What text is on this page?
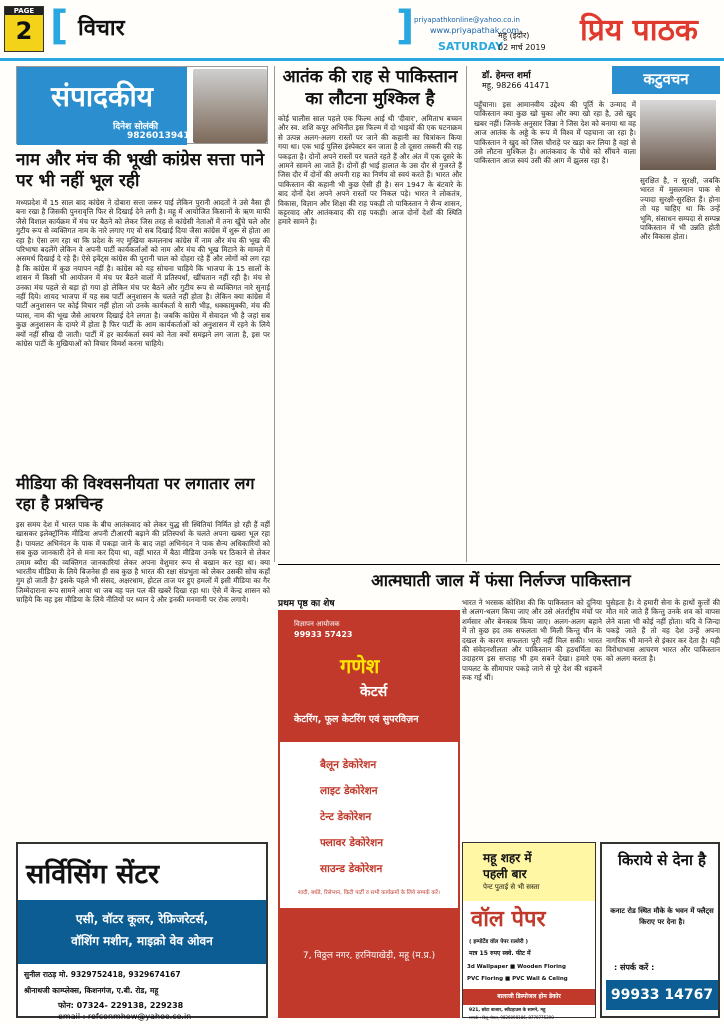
PAGE
2 [ विचार	] priyapathkonline@yahoo.co.in
www.priyapathak.com
SATURDAY
महू (इंदौर)
02 मार्च 2019 प्रिय पाठक
संपादकीय
दिनेश सोलंकी
9826013941
नाम और मंच की भूखी कांग्रेस सत्ता पाने पर भी नहीं भूल रही
मध्यप्रदेश में 15 साल बाद कांग्रेस ने दोबारा सत्ता जरूर पाई लेकिन पुरानी आदतों ने उसे वैसा ही बना रखा है जिसकी पुनरावृत्ति फिर से दिखाई देने लगी है। महू में आयोजित किसानों के ऋण माफी जैसे विशाल कार्यक्रम में मंच पर बैठने को लेकर जिस तरह से कांग्रेसी नेताओं में तना खुँचे चले और गुटीय रूप से व्यक्तिगत नाम के नारे लगाए गए वो सब दिखाई दिया जैसा कांग्रेस में शुरू से होता आ रहा है। ऐसा लग रहा था कि प्रदेश के नए मुखिया कमलनाथ कांग्रेस में नाम और मंच की भूख की परिभाषा बदलेंगे लेकिन वे अपनी पार्टी कार्यकर्ताओं को नाम और मंच की भूख मिटाने के मामले में असमर्थ दिखाई दे रहे हैं। ऐसे इवेंट्स कांग्रेस की पुरानी चाल को दोहरा रहे हैं और लोगों को लग रहा है कि कांग्रेस में कुछ नयापन नहीं है। कांग्रेस को यह सोचना चाहिये कि भाजपा के 15 सालों के शासन में किसी भी आयोजन में मंच पर बैठने वालों में प्रतिस्पर्धा, खींचतान नहीं रही है। मंच से उनका मंच पहले से बड़ा हो गया हो लेकिन मंच पर बैठने और गुटीय रूप से व्यक्तिगत नारे सुनाई नहीं दिये। शायद भाजपा में यह सब पार्टी अनुशासन के चलते नहीं होता है। लेकिन क्या कांग्रेस में पार्टी अनुशासन पर कोई विचार नहीं होता जो उनके कार्यकर्ता ये सारी भीड़, धक्कामुक्की, मंच की प्यास, नाम की भूख जैसे आचरण दिखाई देने लगता है। जबकि कांग्रेस में सेवादल भी है जहां सब कुछ अनुशासन के दायरे में होता है फिर पार्टी के आम कार्यकर्ताओं को अनुशासन में रहने के लिये क्यों नहीं सीख दी जाती। पार्टी में हर कार्यकर्ता स्वयं को नेता क्यों समझने लग जाता है, इस पर कांग्रेस पार्टी के मुखियाओं को विचार विमर्श करना चाहिये।
मीडिया की विश्वसनीयता पर लगातार लग रहा है प्रश्नचिन्ह
इस समय देश में भारत पाक के बीच आतंकवाद को लेकर युद्ध सी स्थितियां निर्मित हो रही हैं वहीं खासकर इलेक्ट्रॉनिक मीडिया अपनी टीआरपी बढ़ाने की प्रतिस्पर्धा के चलते अपना खबरा भूल रहा है। पायलट अभिनंदन के पाक में पकड़ा जाने के बाद जहां अभिनंदन ने पाक सैन्य अधिकारियों को सब कुछ जानकारी देने से मना कर दिया था, वहीं भारत में बैठा मीडिया उनके घर ठिकाने से लेकर तमाम ब्यौरा की व्यक्तिगत जानकारियां लेकर अपना वेशुमार रूप से बखान कर रहा था। क्या भारतीय मीडिया के लिये बिजनेस ही सब कुछ है भारत की रक्षा संप्रभुता को लेकर उसकी सोच कहाँ गुम हो जाती है? इसके पहले भी संसद, अक्षरधाम, होटल ताज पर हुए हमलों में इसी मीडिया का गैर जिम्मेदाराना रूप सामने आया था जब वह पल पल की खबरें दिखा रहा था। ऐसे में केन्द्र शासन को चाहिये कि वह इस मीडिया के लिये नीतियों पर ध्यान दे और इनकी मनमानी पर रोक लगाये।
सर्विसिंग सेंटर
एसी, वॉटर कूलर, रेफ्रिजरेटर्स,
वॉशिंग मशीन, माइक्रो वेव ओवन
सुनील राठड़ मो. 9329752418, 9329674167
श्रीनाथजी काम्प्लेक्स, किशनगंज, ए.बी. रोड, महू
फोन: 07324- 229138, 229238
email : refconmhow@yahoo.co.in
आतंक की राह से पाकिस्तान का लौटना मुश्किल है
कोई चालीस साल पहले एक फिल्म आई थी 'दीवार', अमिताभ बच्चन और स्व. शशि कपूर अभिनीत इस फिल्म में दो भाइयों की एक घटनाक्रम से उत्पन्न अलग-अलग रास्तों पर जाने की कहानी का चित्रांकन किया गया था। एक भाई पुलिस इंस्पेक्टर बन जाता है तो दूसरा तस्करी की राह पकड़ता है। दोनों अपने रास्तों पर चलते रहते हैं और अंत में एक दूसरे के आमने सामने आ जाते हैं। दोनों ही भाई हालात के उस दौर से गुजरते हैं जिस दौर में दोनों की अपनी राह का निर्णय वो स्वयं करते हैं। भारत और पाकिस्तान की कहानी भी कुछ ऐसी ही है। सन 1947 के बंटवारे के बाद दोनों देश अपने अपने रास्तों पर निकल पड़े। भारत ने लोकतंत्र, विकास, विज्ञान और शिक्षा की राह पकड़ी तो पाकिस्तान ने सैन्य शासन, कट्टरवाद और आतंकवाद की राह पकड़ी। आज दोनों देशों की स्थिति हमारे सामने है।
डॉ. हेमन्त शर्मा
महू, 98266 41471	कटुवचन
पहुँचाना। इस आमानवीय उद्देश्य की पूर्ति के उन्माद में पाकिस्तान क्या कुछ खो चुका और क्या खो रहा है, उसे खुद खबर नहीं। जिनके अनुसार जिन्ना ने जिस देश को बनाया था वह आज आतंक के अड्डे के रूप में विश्व में पहचाना जा रहा है। पाकिस्तान ने खुद को जिस चौराहे पर खड़ा कर लिया है वहां से उसे लौटना मुश्किल है। आतंकवाद के पौधे को सींचने वाला पाकिस्तान आज स्वयं उसी की आग में झुलस रहा है।
सुरक्षित है, न सुरक्षी, जबकि भारत में मुसलमान पाक से ज्यादा सुरक्षी-सुरक्षित हैं। होना तो यह चाहिए था कि उन्हें भूमि, संसाधन सम्पदा से सम्पन्न पाकिस्तान में भी उन्नति होती और विकास होता।
आत्मघाती जाल में फंसा निर्लज्ज पाकिस्तान
प्रथम पृष्ठ का शेष	भारत ने भरसक कोशिश की कि पाकिस्तान को दुनिया से अलग-थलग किया जाए और उसे अंतर्राष्ट्रीय मंचों पर शर्मसार और बेनकाब किया जाए। अलग-अलग बहाने में तो कुछ हद तक सफलता भी मिली किन्तु चीन के दखल के कारण सफलता पूरी नहीं मिल सकी। भारत की संवेदनशीलता और पाकिस्तान की हठधर्मिता का उदाहरण इस सप्ताह भी हम सबने देखा। हमारे एक पायलट के सीमापार पकड़े जाने से पूरे देश की धड़कनें रुक गई थीं।
घुसेड़ता है। ये हमारी सेना के हाथों कुत्तों की मौत मारे जाते हैं किन्तु उनके शव को वापस लेने वाला भी कोई नहीं होता। यदि वे जिन्दा पकड़े जाते हैं तो वह देश उन्हें अपना नागरिक भी मानने से इंकार कर देता है। यही विरोधाभास आचरण भारत और पाकिस्तान को अलग करता है।
विज्ञापन आयोजक
99933 57423
गणेश
केटर्स
केटरिंग, फूल केटरिंग एवं सुपरविज़न
बैलून डेकोरेशन
लाइट डेकोरेशन
टेन्ट डेकोरेशन
फ्लावर डेकोरेशन
साउन्ड डेकोरेशन
शादी, बर्थडे, रिसेप्शन, किटी पार्टी व सभी कार्यक्रमों के लिये सम्पर्क करें।
7, विठ्ठल नगर, हरनियाखेड़ी, महू (म.प्र.)
महू शहर में
पहली बार
पेन्ट पुताई से भी सस्ता
वॉल पेपर
( इम्पोर्टेड वॉल पेपर ग़ल्लेरी )
मात्र 15 रुपए स्क्वे. फीट में
3d Wallpaper ■ Wooden Floring
PVC Floring ■ PVC Wall & Celing
बालाजी डिस्पोजल होम डेकोर
921, छोटा बाजार, स्वीटहाउस के सामने, महू
सम्पर्क : विशु गोयल, 9826098186, 8770775390
किराये से देना है
कनाट रोड स्थित मौके के भवन में फ्लैट्स किराए पर देना है।
: संपर्क करें :
99933 14767
